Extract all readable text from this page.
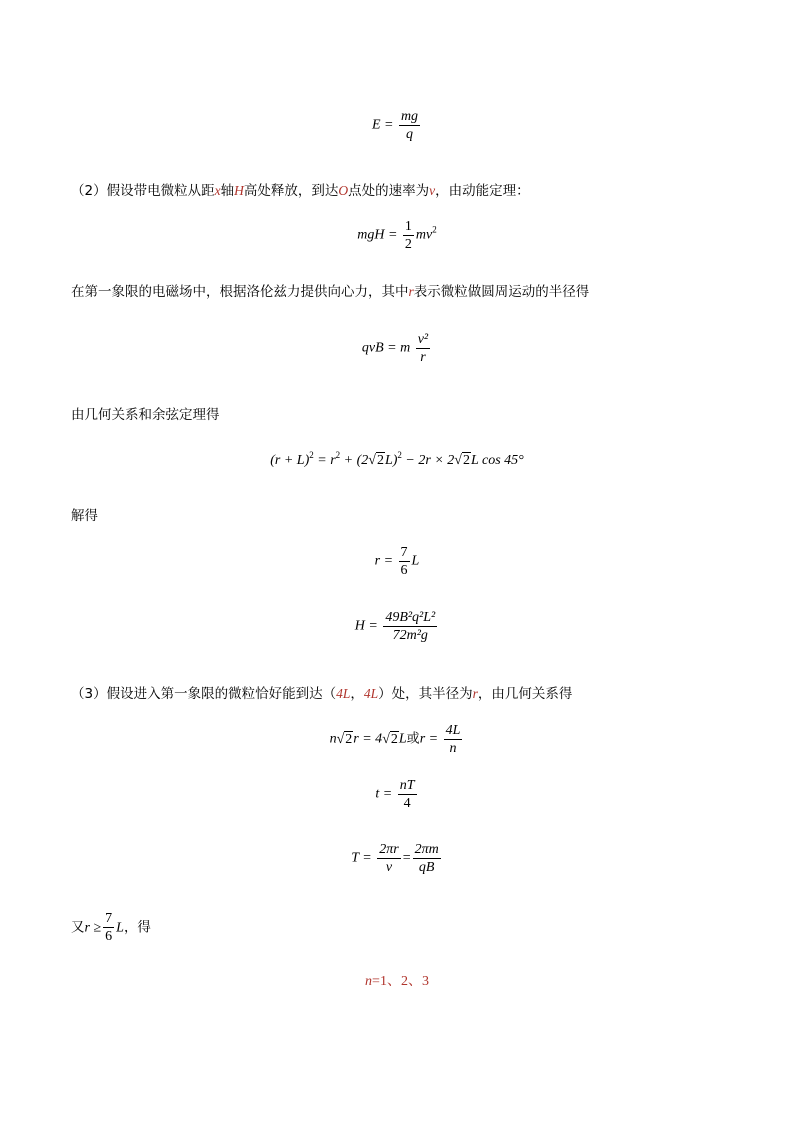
$E = \frac{mg}{q}$
（2）假设带电微粒从距x轴H高处释放，到达O点处的速率为v，由动能定理：
mgH = $\frac{1}{2} mv^2$
在第一象限的电磁场中，根据洛伦兹力提供向心力，其中r表示微粒做圆周运动的半径得
qvB = m $\frac{\text{v²}}{r}$
由几何关系和余弦定理得
$(r + L)^2 = r^2 + (2√2L)^2 - 2r \times 2√2L$ cos 45°
解得
$r = \frac{7}{6}$ L
$H = \frac{\text{49B²q²L²}}{\text{72m²g}}$
（3）假设进入第一象限的微粒恰好能到达（4L，4L）处，其半径为r，由几何关系得
n√2r = 4√2L或$r = \frac{4L}{n}$
$t = \frac{nT}{4}$
$T = \frac{2\pi r}{v} = \frac{2\pi m}{qB}$
又$r \ge \frac{7}{6}$ L，得
n=1、2、3
